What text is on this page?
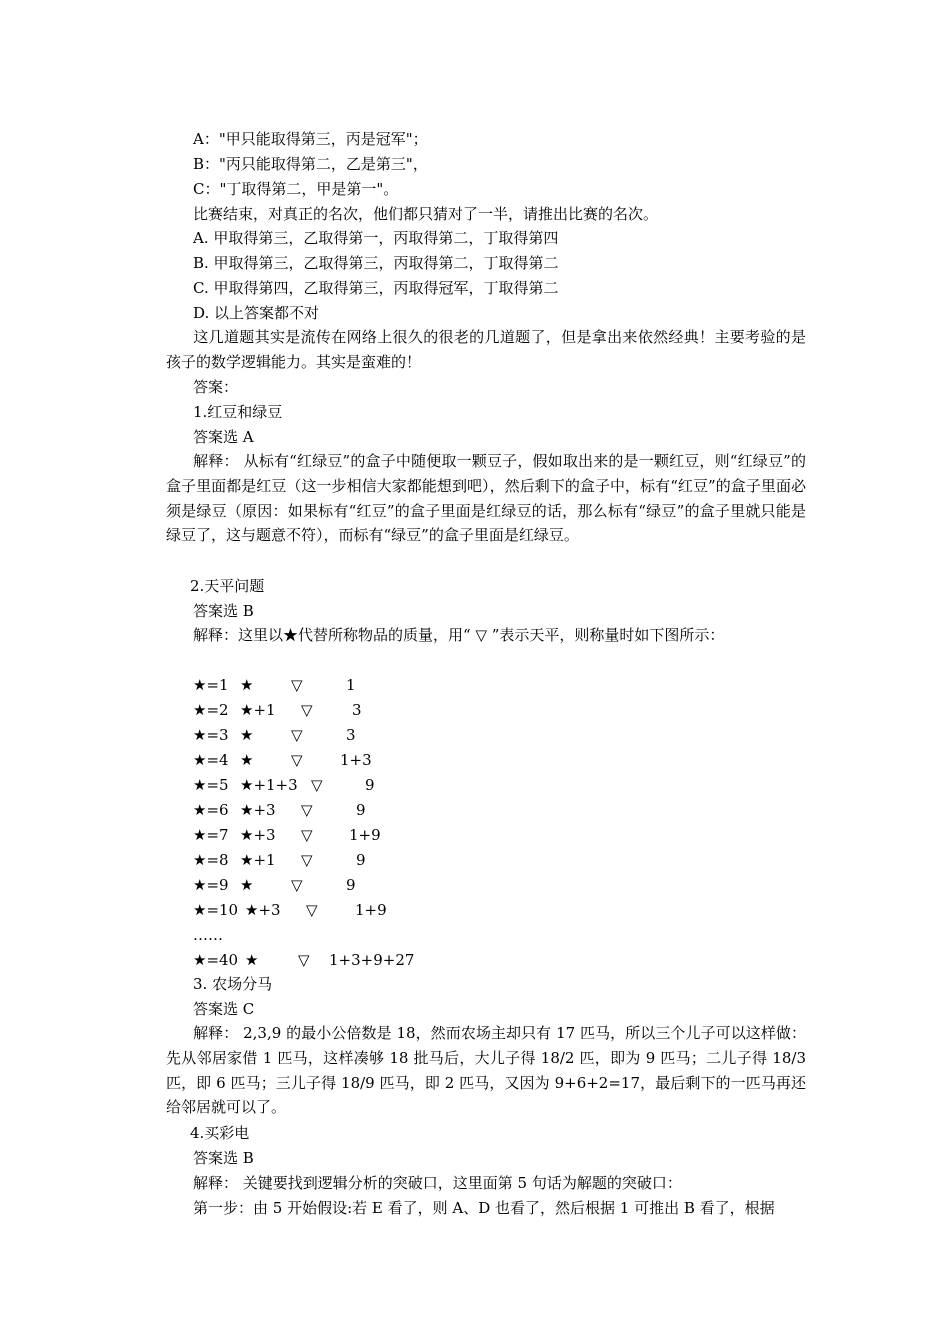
A："甲只能取得第三，丙是冠军"；
B："丙只能取得第二，乙是第三"，
C："丁取得第二，甲是第一"。
比赛结束，对真正的名次，他们都只猜对了一半，请推出比赛的名次。
A. 甲取得第三，乙取得第一，丙取得第二，丁取得第四
B. 甲取得第三，乙取得第三，丙取得第二，丁取得第二
C. 甲取得第四，乙取得第三，丙取得冠军，丁取得第二
D. 以上答案都不对
这几道题其实是流传在网络上很久的很老的几道题了，但是拿出来依然经典！主要考验的是孩子的数学逻辑能力。其实是蛮难的！
答案：
1.红豆和绿豆
答案选 A
解释： 从标有“红绿豆”的盒子中随便取一颗豆子，假如取出来的是一颗红豆，则“红绿豆”的盒子里面都是红豆（这一步相信大家都能想到吧），然后剩下的盒子中，标有“红豆”的盒子里面必须是绿豆（原因：如果标有“红豆”的盒子里面是红绿豆的话，那么标有“绿豆”的盒子里就只能是绿豆了，这与题意不符），而标有“绿豆”的盒子里面是红绿豆。
2.天平问题
答案选 B
解释：这里以★代替所称物品的质量，用“ ▽ ”表示天平，则称量时如下图所示：
★=1 ★	▽	1
★=2 ★+1 ▽	3
★=3 ★	▽	3
★=4 ★	▽ 1+3
★=5 ★+1+3 ▽	9
★=6 ★+3 ▽	9
★=7 ★+3 ▽ 1+9
★=8 ★+1 ▽	9
★=9 ★	▽	9
★=10 ★+3 ▽ 1+9
……
★=40 ★	▽ 1+3+9+27
3. 农场分马
答案选 C
解释： 2,3,9 的最小公倍数是 18，然而农场主却只有 17 匹马，所以三个儿子可以这样做：先从邻居家借 1 匹马，这样凑够 18 批马后，大儿子得 18/2 匹，即为 9 匹马；二儿子得 18/3 匹，即 6 匹马；三儿子得 18/9 匹马，即 2 匹马，又因为 9+6+2=17，最后剩下的一匹马再还给邻居就可以了。
4.买彩电
答案选 B
解释： 关键要找到逻辑分析的突破口，这里面第 5 句话为解题的突破口：
第一步：由 5 开始假设:若 E 看了，则 A、D 也看了，然后根据 1 可推出 B 看了，根据
